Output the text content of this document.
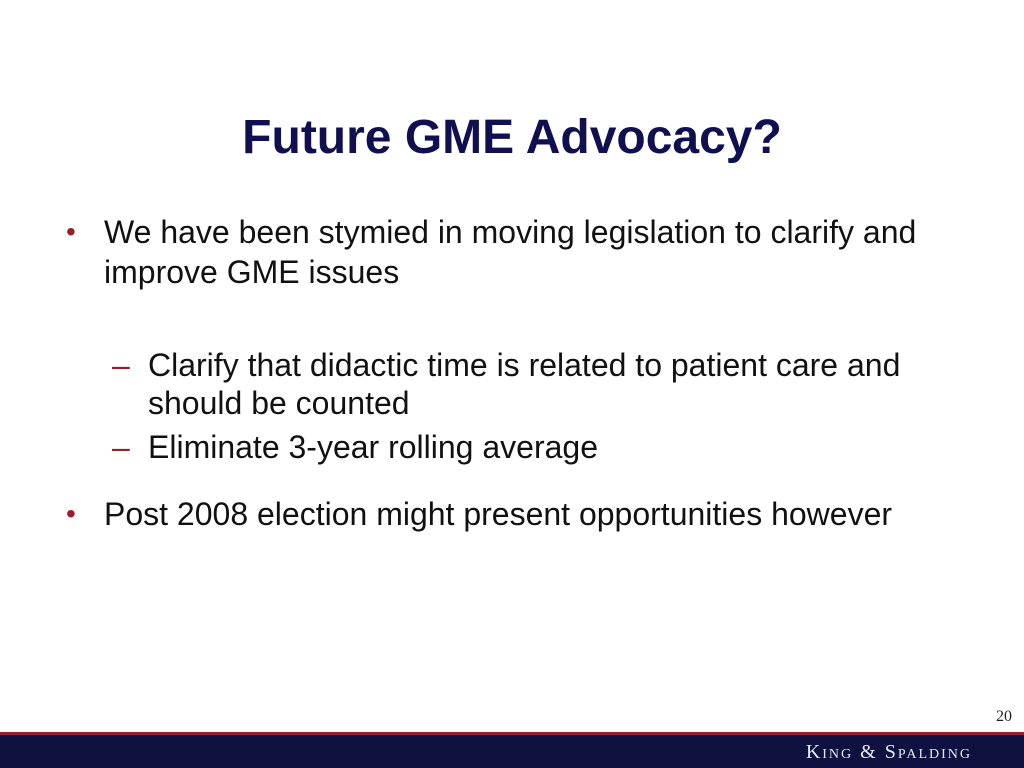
Future GME Advocacy?
• We have been stymied in moving legislation to clarify and improve GME issues
– Clarify that didactic time is related to patient care and should be counted
– Eliminate 3-year rolling average
• Post 2008 election might present opportunities however
20
King & Spalding
